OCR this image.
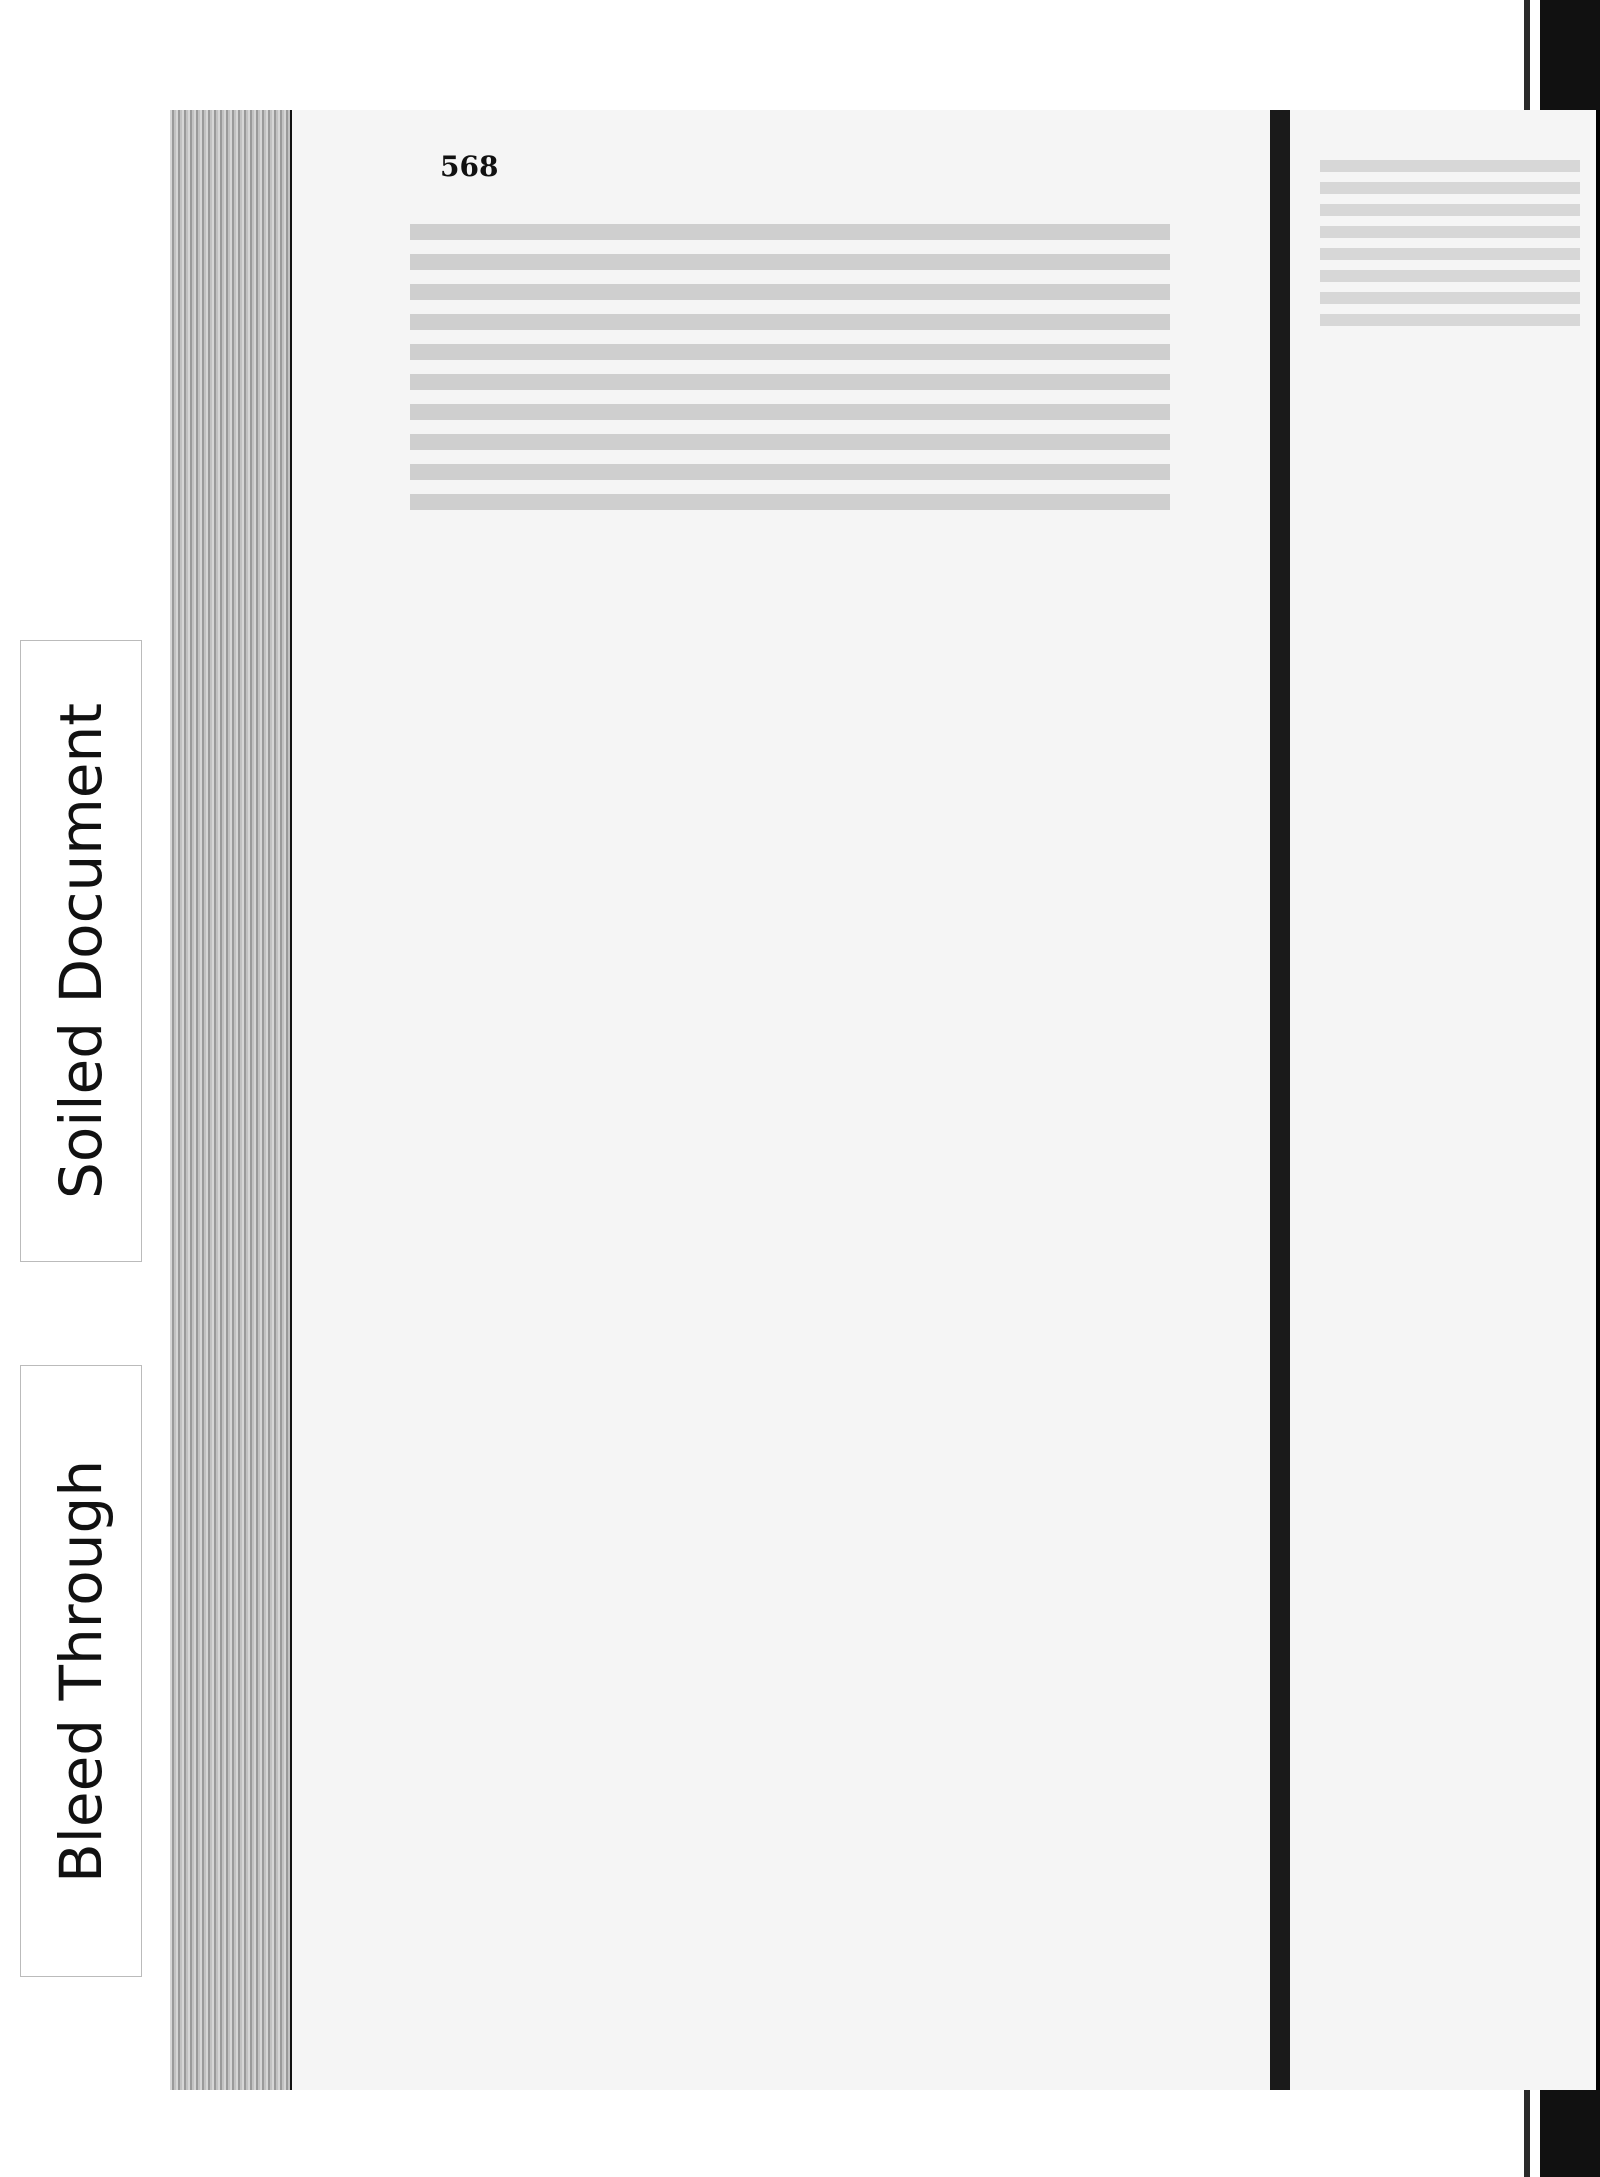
Soiled Document
Bleed Through
568
